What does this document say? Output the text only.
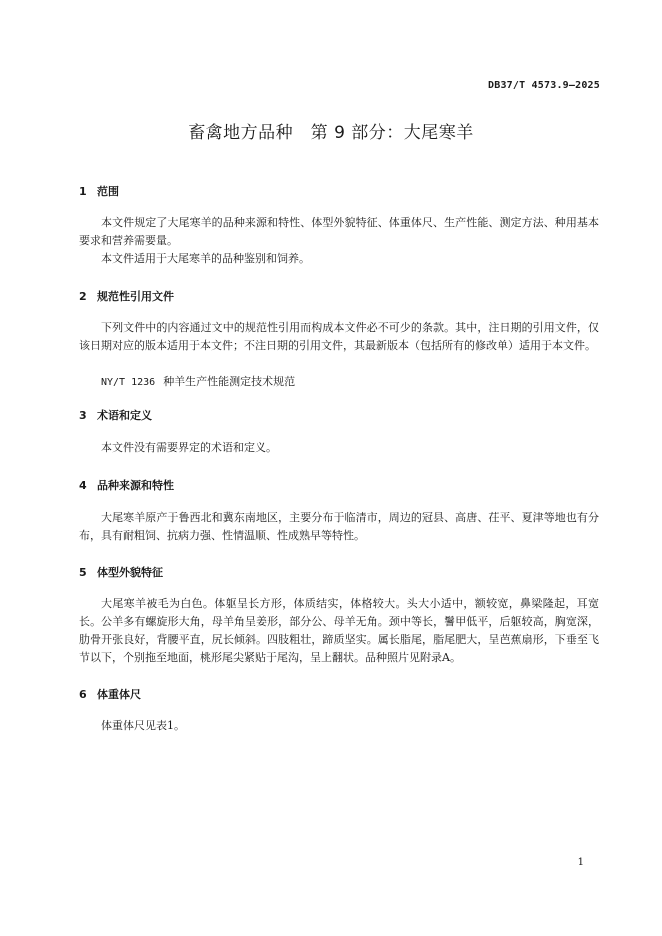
DB37/T 4573.9—2025
畜禽地方品种　第 9 部分：大尾寒羊
1 范围
本文件规定了大尾寒羊的品种来源和特性、体型外貌特征、体重体尺、生产性能、测定方法、种用基本要求和营养需要量。
本文件适用于大尾寒羊的品种鉴别和饲养。
2 规范性引用文件
下列文件中的内容通过文中的规范性引用而构成本文件必不可少的条款。其中，注日期的引用文件，仅该日期对应的版本适用于本文件；不注日期的引用文件，其最新版本（包括所有的修改单）适用于本文件。
NY/T 1236 种羊生产性能测定技术规范
3 术语和定义
本文件没有需要界定的术语和定义。
4 品种来源和特性
大尾寒羊原产于鲁西北和冀东南地区，主要分布于临清市，周边的冠县、高唐、茌平、夏津等地也有分布，具有耐粗饲、抗病力强、性情温顺、性成熟早等特性。
5 体型外貌特征
大尾寒羊被毛为白色。体躯呈长方形，体质结实，体格较大。头大小适中，额较宽，鼻梁隆起，耳宽长。公羊多有螺旋形大角，母羊角呈姜形，部分公、母羊无角。颈中等长，鬐甲低平，后躯较高，胸宽深，肋骨开张良好，背腰平直，尻长倾斜。四肢粗壮，蹄质坚实。属长脂尾，脂尾肥大，呈芭蕉扇形，下垂至飞节以下，个别拖至地面，桃形尾尖紧贴于尾沟，呈上翻状。品种照片见附录A。
6 体重体尺
体重体尺见表1。
1
